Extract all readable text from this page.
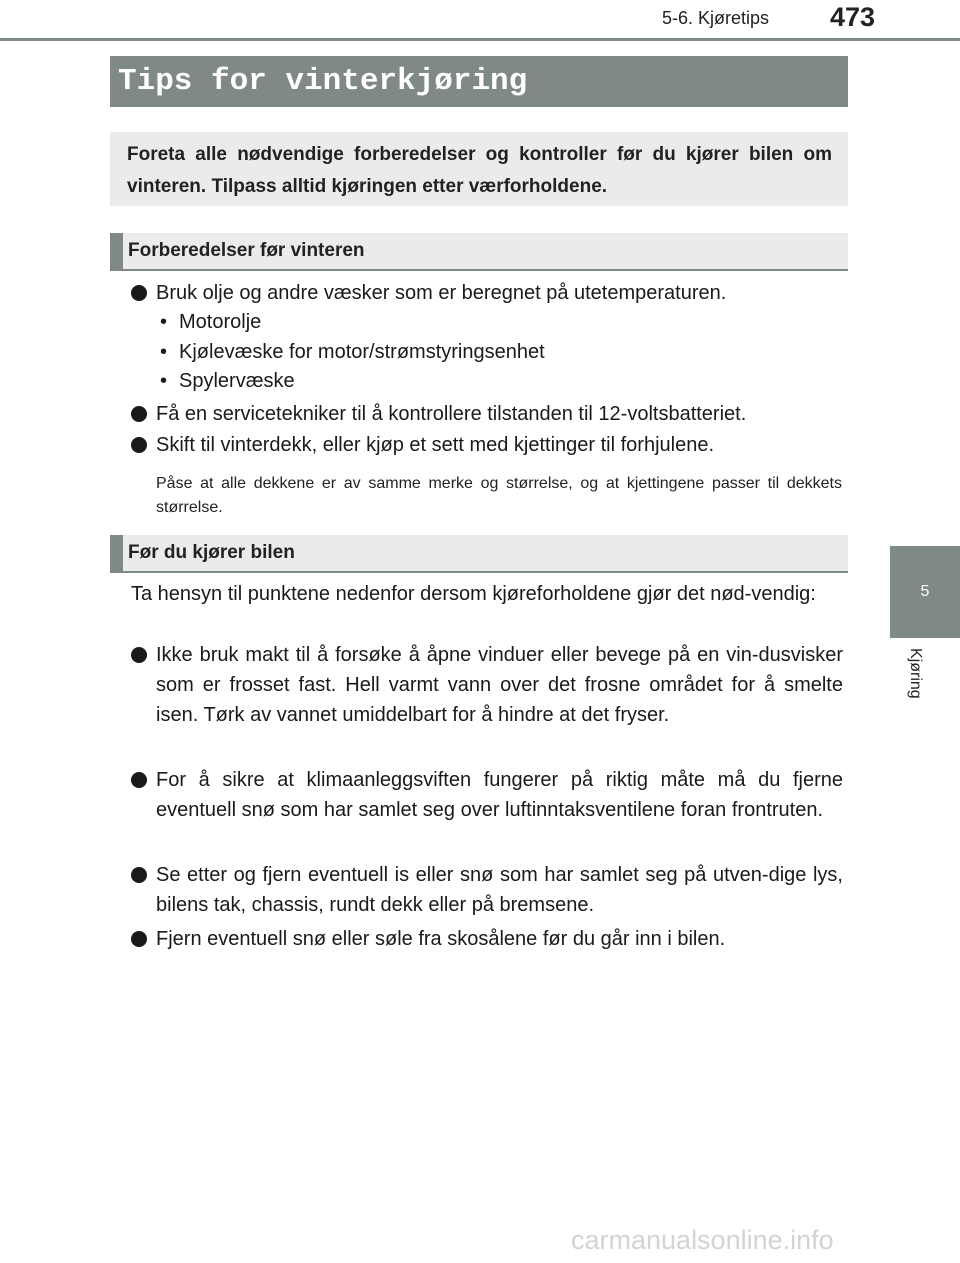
5-6. Kjøretips 473
5
Kjøring
Tips for vinterkjøring
Foreta alle nødvendige forberedelser og kontroller før du kjører bilen om vinteren. Tilpass alltid kjøringen etter værforholdene.
Forberedelser før vinteren
Bruk olje og andre væsker som er beregnet på utetemperaturen.
• Motorolje
• Kjølevæske for motor/strømstyringsenhet
• Spylervæske
Få en servicetekniker til å kontrollere tilstanden til 12-voltsbatteriet.
Skift til vinterdekk, eller kjøp et sett med kjettinger til forhjulene.
Påse at alle dekkene er av samme merke og størrelse, og at kjettingene passer til dekkets størrelse.
Før du kjører bilen
Ta hensyn til punktene nedenfor dersom kjøreforholdene gjør det nød-vendig:
Ikke bruk makt til å forsøke å åpne vinduer eller bevege på en vin-dusvisker som er frosset fast. Hell varmt vann over det frosne området for å smelte isen. Tørk av vannet umiddelbart for å hindre at det fryser.
For å sikre at klimaanleggsviften fungerer på riktig måte må du fjerne eventuell snø som har samlet seg over luftinntaksventilene foran frontruten.
Se etter og fjern eventuell is eller snø som har samlet seg på utven-dige lys, bilens tak, chassis, rundt dekk eller på bremsene.
Fjern eventuell snø eller søle fra skosålene før du går inn i bilen.
carmanualsonline.info
